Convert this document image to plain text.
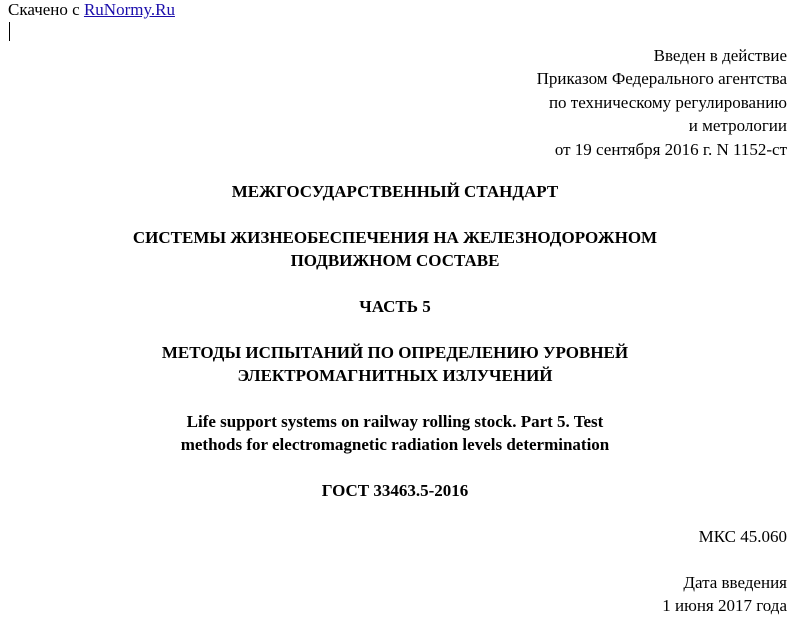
Скачено с RuNormy.Ru
Введен в действие
Приказом Федерального агентства
по техническому регулированию
и метрологии
от 19 сентября 2016 г. N 1152-ст
МЕЖГОСУДАРСТВЕННЫЙ СТАНДАРТ
СИСТЕМЫ ЖИЗНЕОБЕСПЕЧЕНИЯ НА ЖЕЛЕЗНОДОРОЖНОМ
ПОДВИЖНОМ СОСТАВЕ
ЧАСТЬ 5
МЕТОДЫ ИСПЫТАНИЙ ПО ОПРЕДЕЛЕНИЮ УРОВНЕЙ
ЭЛЕКТРОМАГНИТНЫХ ИЗЛУЧЕНИЙ
Life support systems on railway rolling stock. Part 5. Test
methods for electromagnetic radiation levels determination
ГОСТ 33463.5-2016
МКС 45.060
Дата введения
1 июня 2017 года
